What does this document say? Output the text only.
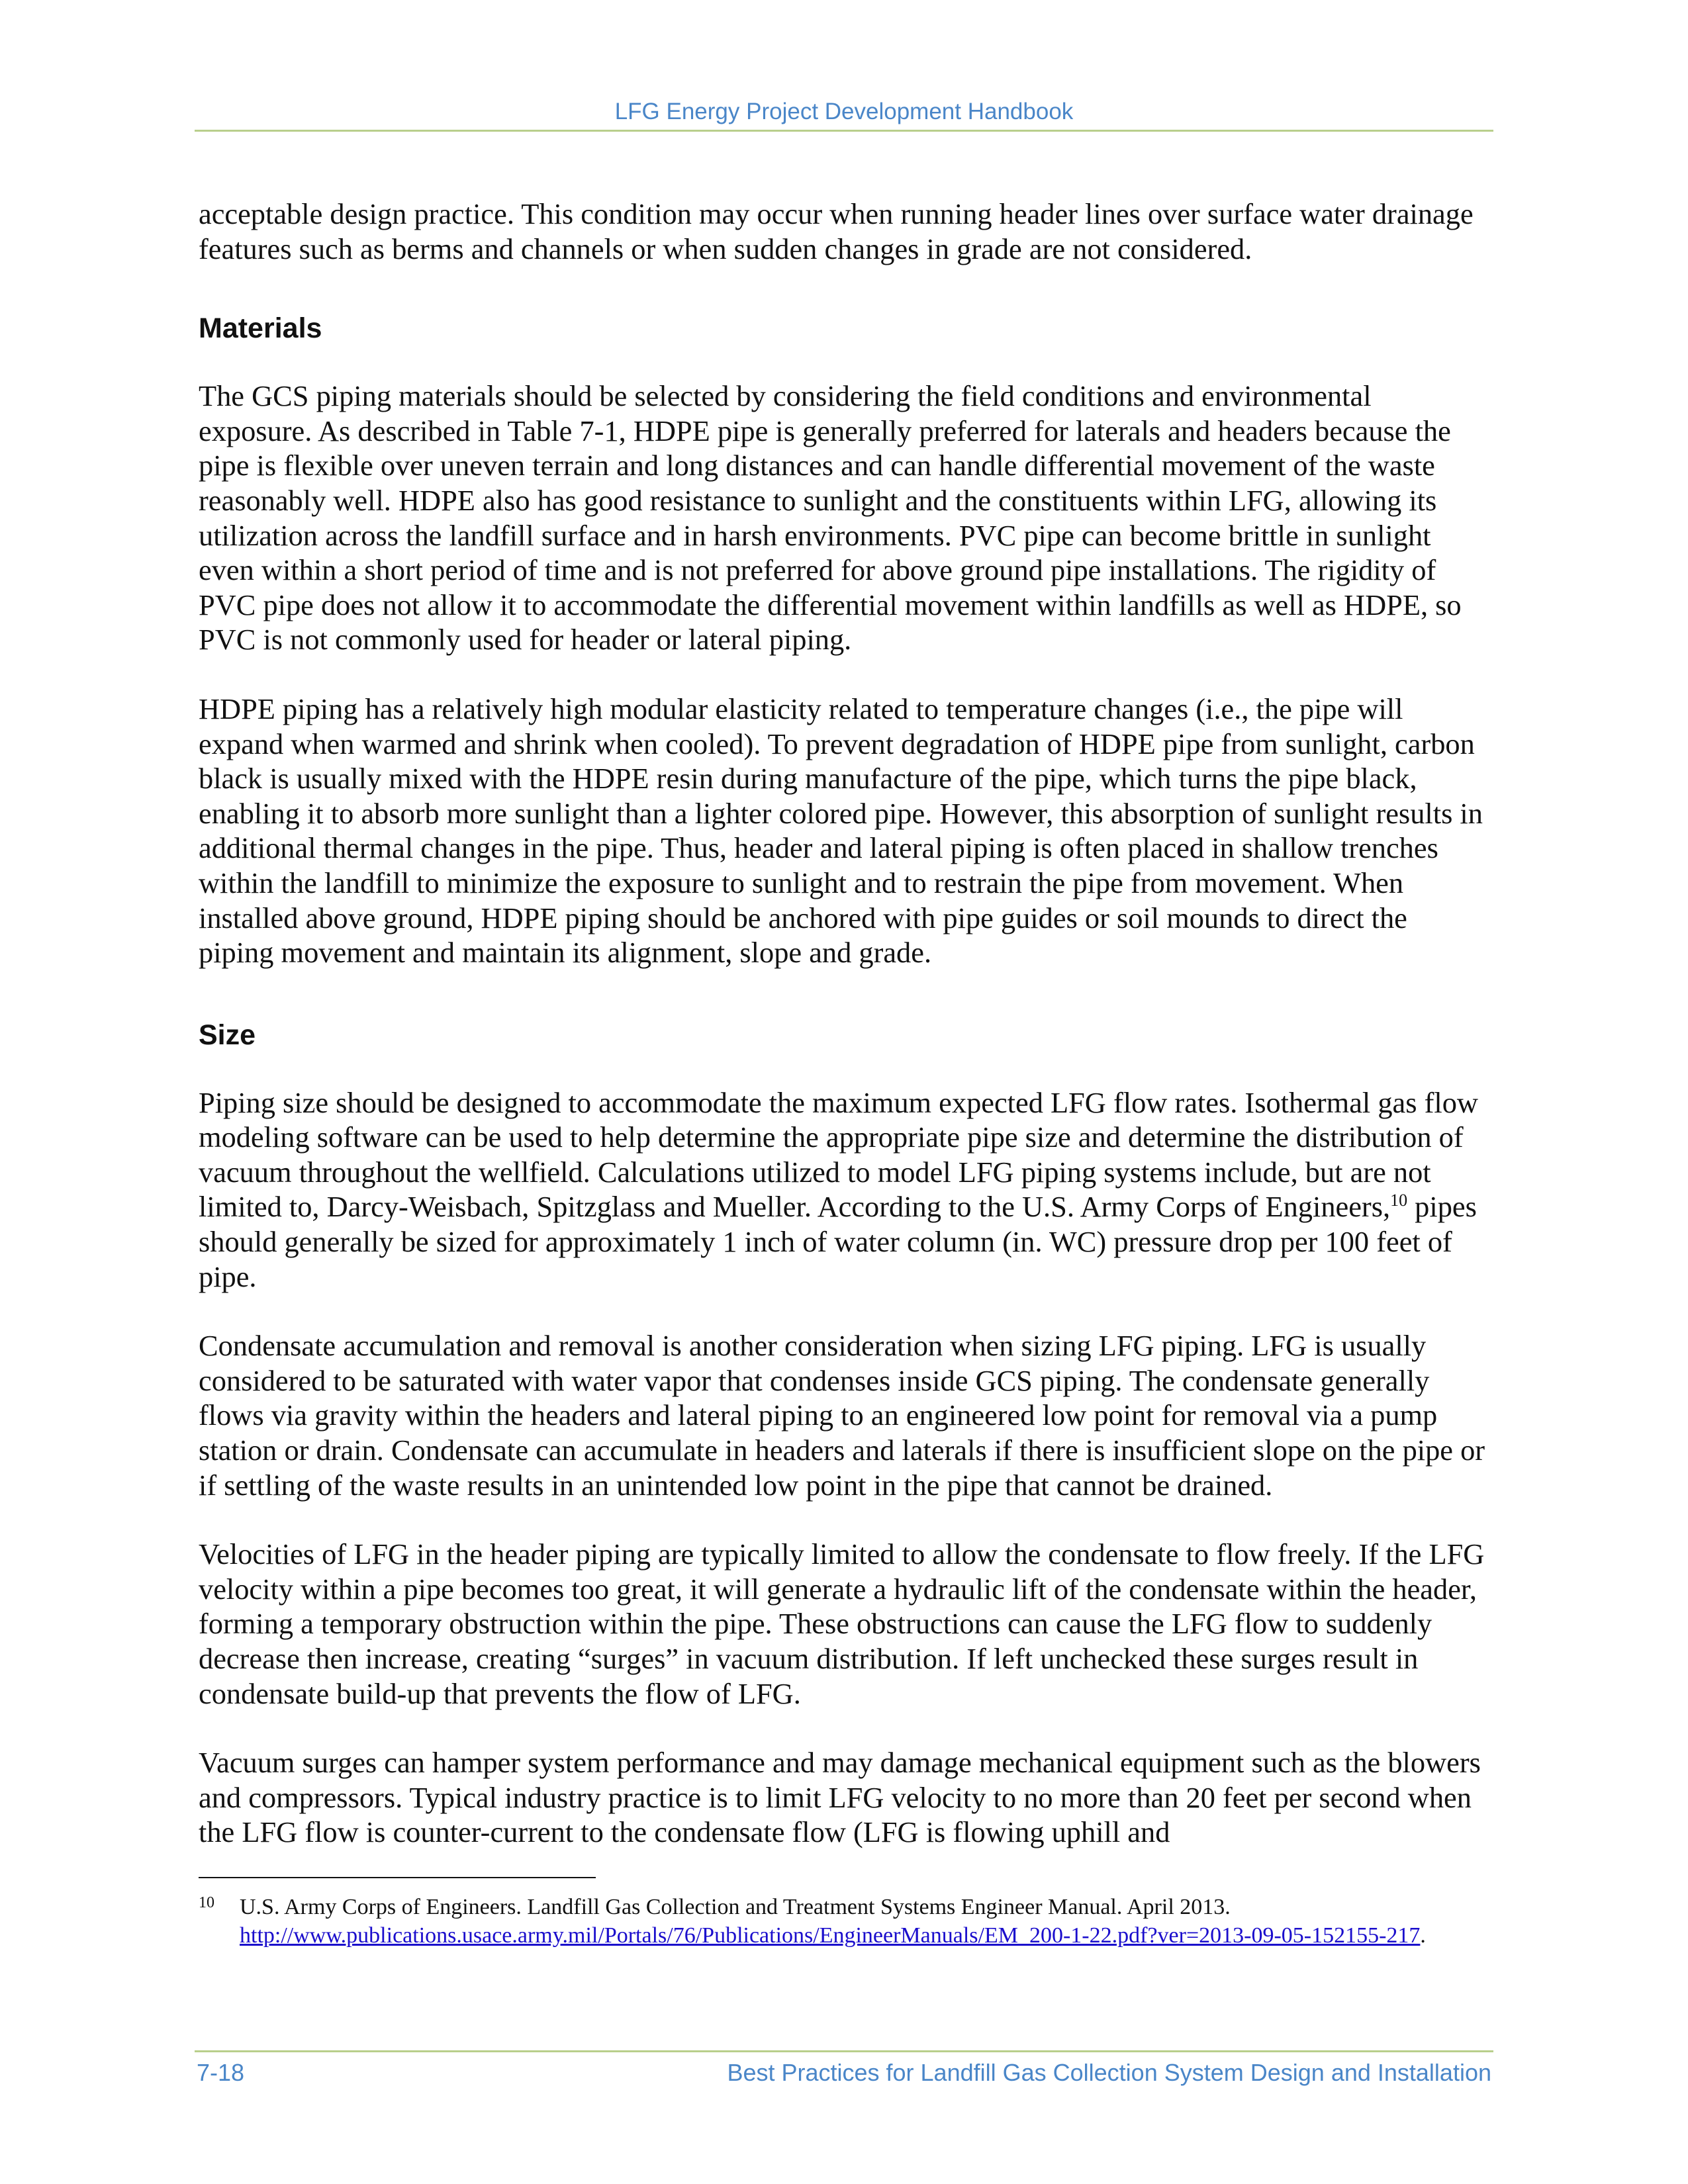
LFG Energy Project Development Handbook

acceptable design practice. This condition may occur when running header lines over surface water drainage features such as berms and channels or when sudden changes in grade are not considered.

Materials

The GCS piping materials should be selected by considering the field conditions and environmental exposure. As described in Table 7-1, HDPE pipe is generally preferred for laterals and headers because the pipe is flexible over uneven terrain and long distances and can handle differential movement of the waste reasonably well. HDPE also has good resistance to sunlight and the constituents within LFG, allowing its utilization across the landfill surface and in harsh environments. PVC pipe can become brittle in sunlight even within a short period of time and is not preferred for above ground pipe installations. The rigidity of PVC pipe does not allow it to accommodate the differential movement within landfills as well as HDPE, so PVC is not commonly used for header or lateral piping.

HDPE piping has a relatively high modular elasticity related to temperature changes (i.e., the pipe will expand when warmed and shrink when cooled). To prevent degradation of HDPE pipe from sunlight, carbon black is usually mixed with the HDPE resin during manufacture of the pipe, which turns the pipe black, enabling it to absorb more sunlight than a lighter colored pipe. However, this absorption of sunlight results in additional thermal changes in the pipe. Thus, header and lateral piping is often placed in shallow trenches within the landfill to minimize the exposure to sunlight and to restrain the pipe from movement. When installed above ground, HDPE piping should be anchored with pipe guides or soil mounds to direct the piping movement and maintain its alignment, slope and grade.

Size

Piping size should be designed to accommodate the maximum expected LFG flow rates. Isothermal gas flow modeling software can be used to help determine the appropriate pipe size and determine the distribution of vacuum throughout the wellfield. Calculations utilized to model LFG piping systems include, but are not limited to, Darcy-Weisbach, Spitzglass and Mueller. According to the U.S. Army Corps of Engineers,$^{10}$ pipes should generally be sized for approximately 1 inch of water column (in. WC) pressure drop per 100 feet of pipe.

Condensate accumulation and removal is another consideration when sizing LFG piping. LFG is usually considered to be saturated with water vapor that condenses inside GCS piping. The condensate generally flows via gravity within the headers and lateral piping to an engineered low point for removal via a pump station or drain. Condensate can accumulate in headers and laterals if there is insufficient slope on the pipe or if settling of the waste results in an unintended low point in the pipe that cannot be drained.

Velocities of LFG in the header piping are typically limited to allow the condensate to flow freely. If the LFG velocity within a pipe becomes too great, it will generate a hydraulic lift of the condensate within the header, forming a temporary obstruction within the pipe. These obstructions can cause the LFG flow to suddenly decrease then increase, creating “surges” in vacuum distribution. If left unchecked these surges result in condensate build-up that prevents the flow of LFG.

Vacuum surges can hamper system performance and may damage mechanical equipment such as the blowers and compressors. Typical industry practice is to limit LFG velocity to no more than 20 feet per second when the LFG flow is counter-current to the condensate flow (LFG is flowing uphill and

10 U.S. Army Corps of Engineers. Landfill Gas Collection and Treatment Systems Engineer Manual. April 2013.
http://www.publications.usace.army.mil/Portals/76/Publications/EngineerManuals/EM_200-1-22.pdf?ver=2013-09-05-152155-217.
7-18	Best Practices for Landfill Gas Collection System Design and Installation
